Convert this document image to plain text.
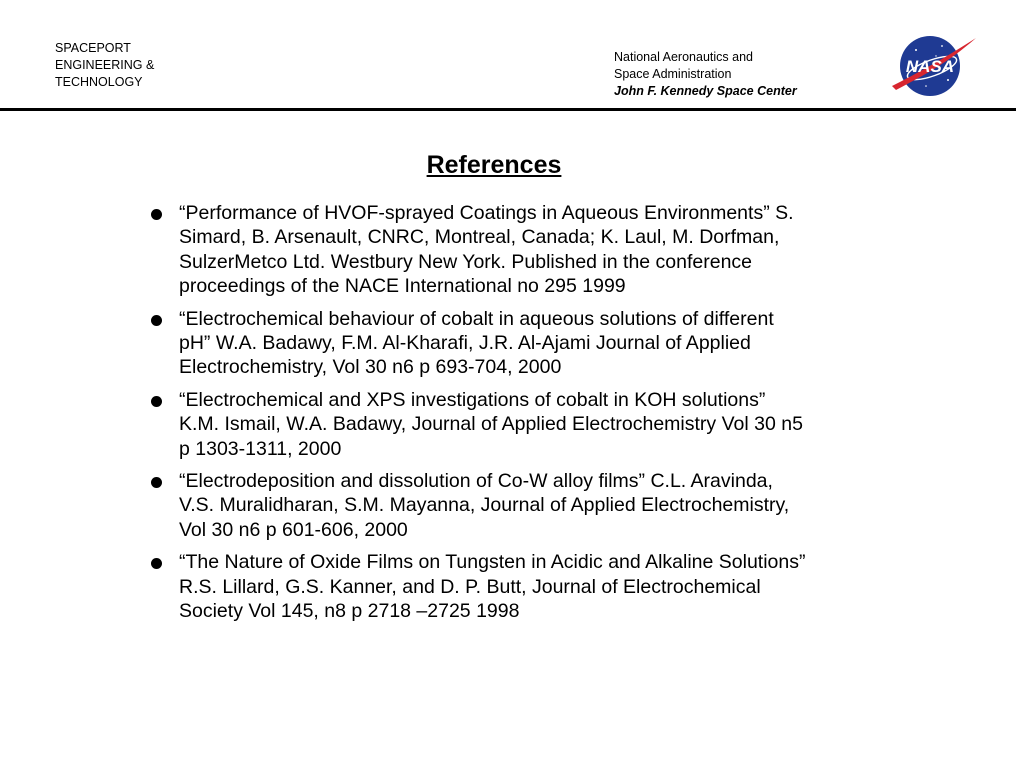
SPACEPORT
ENGINEERING &
TECHNOLOGY
National Aeronautics and
Space Administration
John F. Kennedy Space Center
NASA
References
“Performance of HVOF-sprayed Coatings in Aqueous Environments” S.
Simard, B. Arsenault, CNRC, Montreal, Canada; K. Laul, M. Dorfman,
SulzerMetco Ltd. Westbury New York. Published in the conference
proceedings of the NACE International no 295 1999
“Electrochemical behaviour of cobalt in aqueous solutions of different
pH” W.A. Badawy, F.M. Al-Kharafi, J.R. Al-Ajami Journal of Applied
Electrochemistry, Vol 30 n6 p 693-704, 2000
“Electrochemical and XPS investigations of cobalt in KOH solutions”
K.M. Ismail, W.A. Badawy, Journal of Applied Electrochemistry Vol 30 n5
p 1303-1311, 2000
“Electrodeposition and dissolution of Co-W alloy films” C.L. Aravinda,
V.S. Muralidharan, S.M. Mayanna, Journal of Applied Electrochemistry,
Vol 30 n6 p 601-606, 2000
“The Nature of Oxide Films on Tungsten in Acidic and Alkaline Solutions”
R.S. Lillard, G.S. Kanner, and D. P. Butt, Journal of Electrochemical
Society Vol 145, n8 p 2718 –2725 1998
